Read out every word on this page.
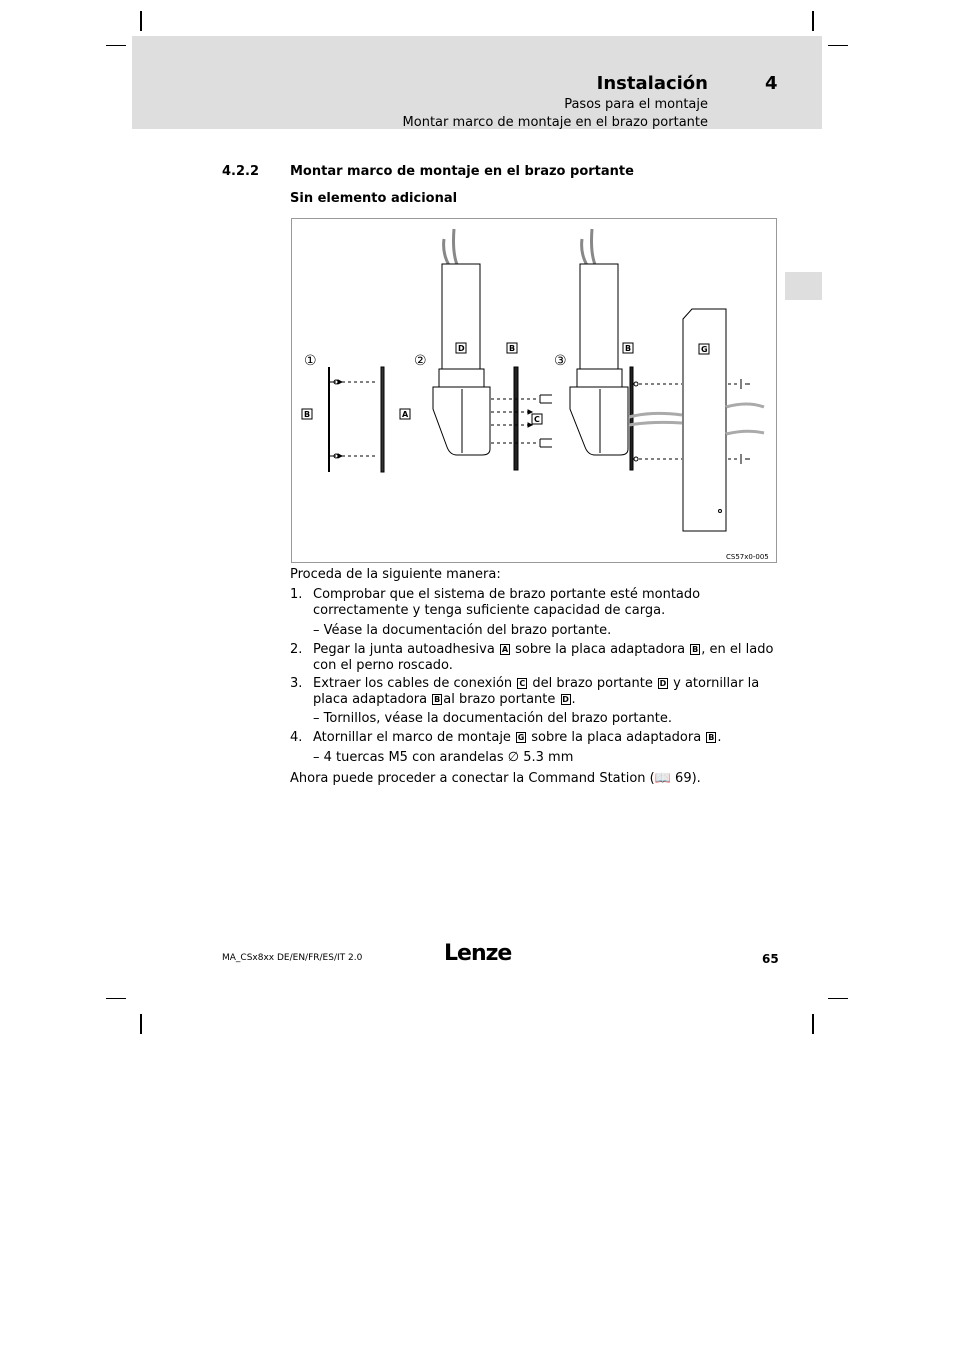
Instalación	4
Pasos para el montaje
Montar marco de montaje en el brazo portante
4.2.2 Montar marco de montaje en el brazo portante
Sin elemento adicional
①	②	③
B	A
D	B
C
B	G
CS57x0-005
Proceda de la siguiente manera:
1. Comprobar que el sistema de brazo portante esté montado correctamente y tenga suficiente capacidad de carga.
– Véase la documentación del brazo portante.
2. Pegar la junta autoadhesiva A sobre la placa adaptadora B , en el lado con el perno roscado.
3. Extraer los cables de conexión C del brazo portante D y atornillar la placa adaptadora B al brazo portante D .
– Tornillos, véase la documentación del brazo portante.
4. Atornillar el marco de montaje G sobre la placa adaptadora B .
– 4 tuercas M5 con arandelas ∅ 5.3 mm
Ahora puede proceder a conectar la Command Station (📖 69).
MA_CSx8xx DE/EN/FR/ES/IT 2.0	Lenze	65
